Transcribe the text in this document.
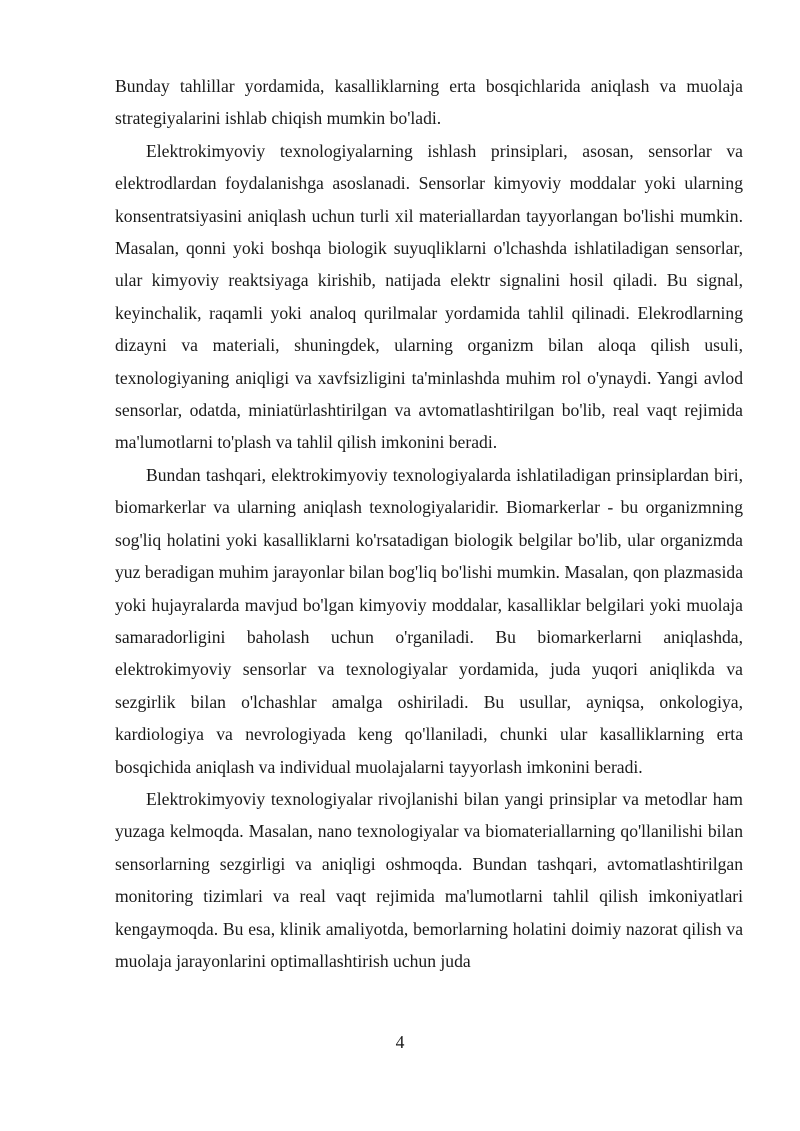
Bunday tahlillar yordamida, kasalliklarning erta bosqichlarida aniqlash va muolaja strategiyalarini ishlab chiqish mumkin bo'ladi.

Elektrokimyoviy texnologiyalarning ishlash prinsiplari, asosan, sensorlar va elektrodlardan foydalanishga asoslanadi. Sensorlar kimyoviy moddalar yoki ularning konsentratsiyasini aniqlash uchun turli xil materiallardan tayyorlangan bo'lishi mumkin. Masalan, qonni yoki boshqa biologik suyuqliklarni o'lchashda ishlatiladigan sensorlar, ular kimyoviy reaktsiyaga kirishib, natijada elektr signalini hosil qiladi. Bu signal, keyinchalik, raqamli yoki analoq qurilmalar yordamida tahlil qilinadi. Elekrodlarning dizayni va materiali, shuningdek, ularning organizm bilan aloqa qilish usuli, texnologiyaning aniqligi va xavfsizligini ta'minlashda muhim rol o'ynaydi. Yangi avlod sensorlar, odatda, miniatürlashtirilgan va avtomatlashtirilgan bo'lib, real vaqt rejimida ma'lumotlarni to'plash va tahlil qilish imkonini beradi.

Bundan tashqari, elektrokimyoviy texnologiyalarda ishlatiladigan prinsiplardan biri, biomarkerlar va ularning aniqlash texnologiyalaridir. Biomarkerlar - bu organizmning sog'liq holatini yoki kasalliklarni ko'rsatadigan biologik belgilar bo'lib, ular organizmda yuz beradigan muhim jarayonlar bilan bog'liq bo'lishi mumkin. Masalan, qon plazmasida yoki hujayralarda mavjud bo'lgan kimyoviy moddalar, kasalliklar belgilari yoki muolaja samaradorligini baholash uchun o'rganiladi. Bu biomarkerlarni aniqlashda, elektrokimyoviy sensorlar va texnologiyalar yordamida, juda yuqori aniqlikda va sezgirlik bilan o'lchashlar amalga oshiriladi. Bu usullar, ayniqsa, onkologiya, kardiologiya va nevrologiyada keng qo'llaniladi, chunki ular kasalliklarning erta bosqichida aniqlash va individual muolajalarni tayyorlash imkonini beradi.

Elektrokimyoviy texnologiyalar rivojlanishi bilan yangi prinsiplar va metodlar ham yuzaga kelmoqda. Masalan, nano texnologiyalar va biomateriallarning qo'llanilishi bilan sensorlarning sezgirligi va aniqligi oshmoqda. Bundan tashqari, avtomatlashtirilgan monitoring tizimlari va real vaqt rejimida ma'lumotlarni tahlil qilish imkoniyatlari kengaymoqda. Bu esa, klinik amaliyotda, bemorlarning holatini doimiy nazorat qilish va muolaja jarayonlarini optimallashtirish uchun juda

4
